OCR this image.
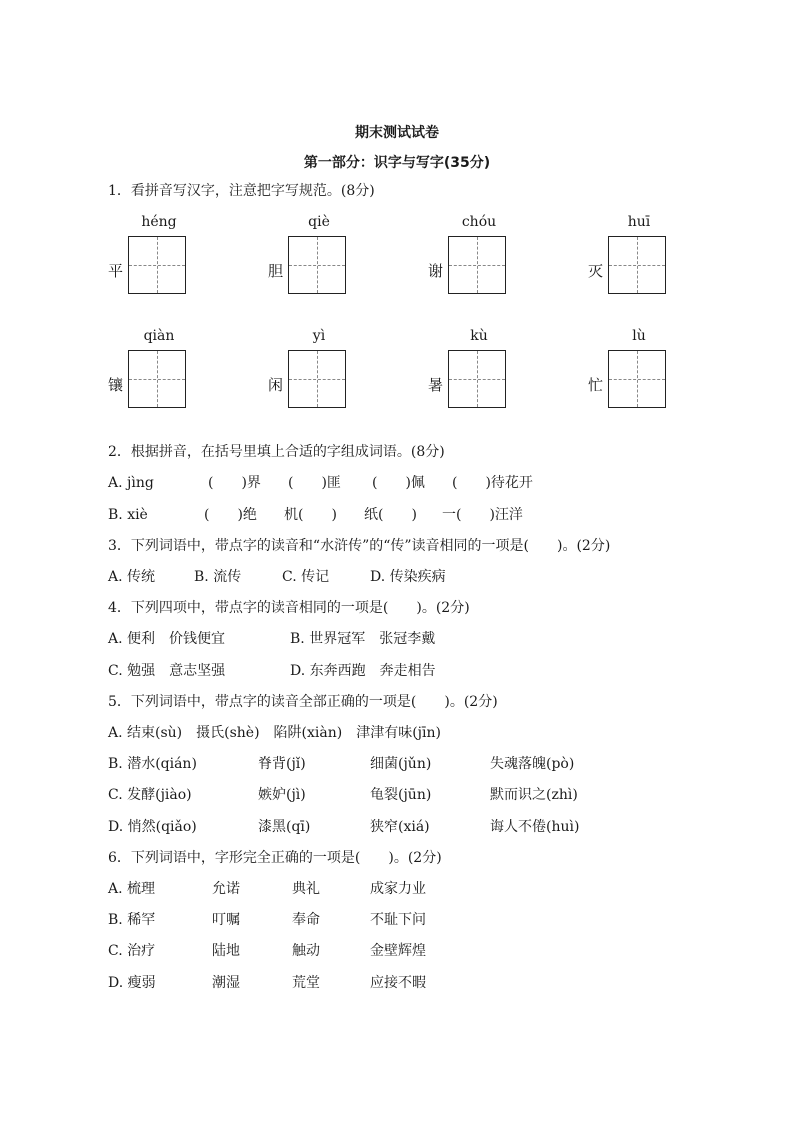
期末测试试卷
第一部分：识字与写字(35分)
1．看拼音写汉字，注意把字写规范。(8分)
héng
平
qiè
胆
chóu
谢
huī
灭
qiàn
镶
yì
闲
kù
暑
lù
忙
2．根据拼音，在括号里填上合适的字组成词语。(8分)
A. jìng	(　　)界 (　　)匪 (　　)佩 (　　)待花开
B. xiè	(　　)绝 机(　　) 纸(　　) 一(　　)汪洋
3．下列词语中，带点字的读音和“水浒传”的“传”读音相同的一项是(　　)。(2分)
A. 传统	B. 流传	C. 传记	D. 传染疾病
4．下列四项中，带点字的读音相同的一项是(　　)。(2分)
A. 便利　价钱便宜	B. 世界冠军　张冠李戴
C. 勉强　意志坚强	D. 东奔西跑　奔走相告
5．下列词语中，带点字的读音全部正确的一项是(　　)。(2分)
A. 结束(sù)　摄氏(shè)　陷阱(xiàn)　津津有味(jīn)
B. 潜水(qián)	脊背(jǐ)	细菌(jǔn)	失魂落魄(pò)
C. 发酵(jiào)	嫉妒(jì)	龟裂(jūn)	默而识之(zhì)
D. 悄然(qiǎo)	漆黑(qī)	狭窄(xiá)	诲人不倦(huì)
6．下列词语中，字形完全正确的一项是(　　)。(2分)
A. 梳理	允诺	典礼	成家力业
B. 稀罕	叮嘱	奉命	不耻下问
C. 治疗	陆地	触动	金壁辉煌
D. 瘦弱	潮湿	荒堂	应接不暇
